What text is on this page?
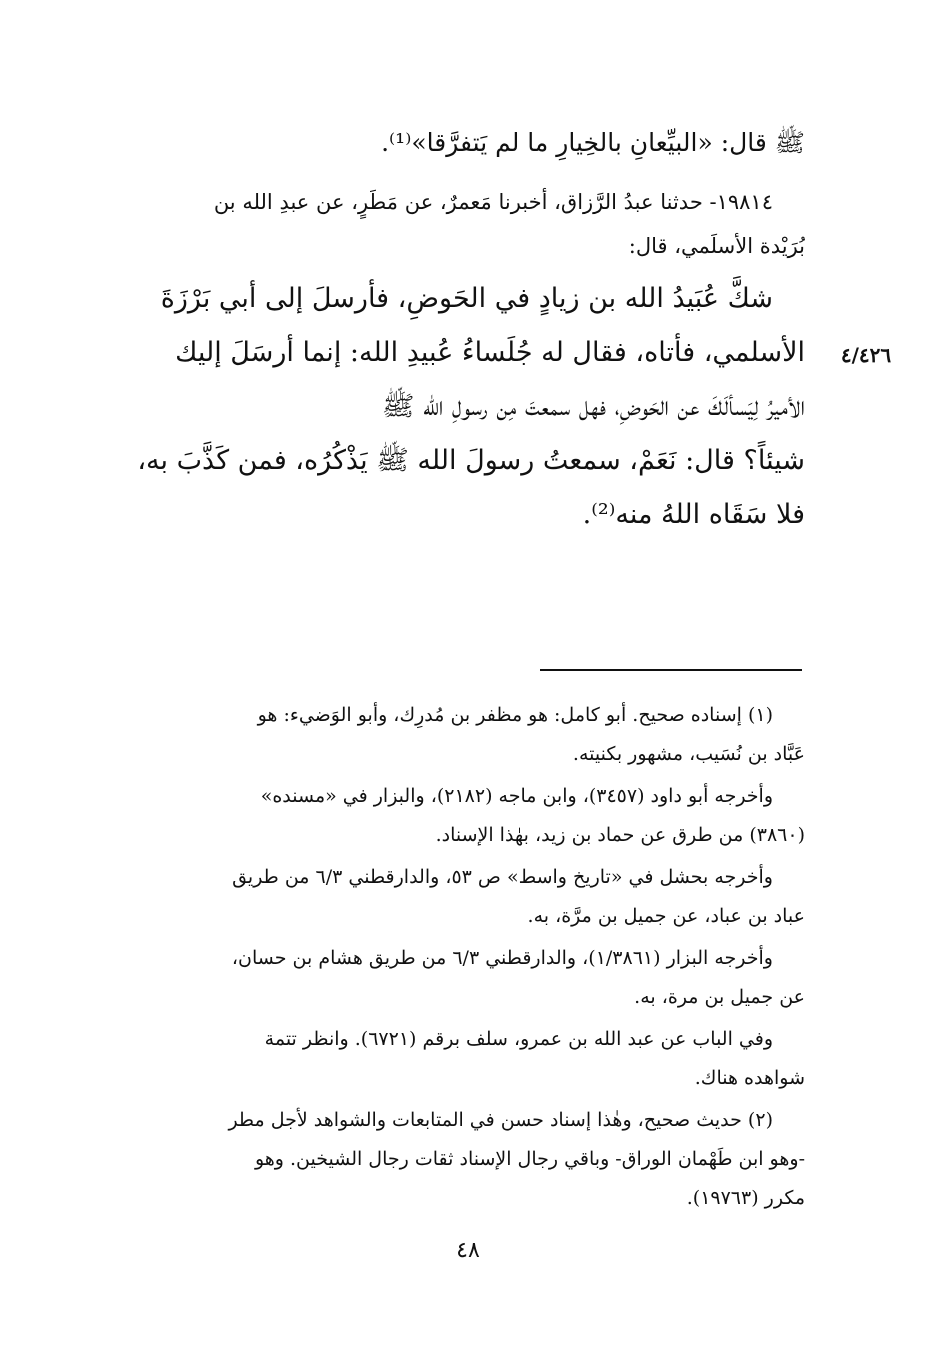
ﷺ قال: «البيِّعانِ بالخِيارِ ما لم يَتفرَّقا»⁽¹⁾.
١٩٨١٤- حدثنا عبدُ الرَّزاق، أخبرنا مَعمرٌ، عن مَطَرٍ، عن عبدِ الله بن
بُرَيْدة الأسلَمي، قال:
شكَّ عُبَيدُ الله بن زيادٍ في الحَوضِ، فأرسلَ إلى أبي بَرْزَةَ
الأسلمي، فأتاه، فقال له جُلَساءُ عُبيدِ الله: إنما أرسَلَ إليك
الأميرُ لِيَسألَكَ عن الحَوضِ، فهل سمعتَ مِن رسولِ الله ﷺ
شيئاً؟ قال: نَعَمْ، سمعتُ رسولَ الله ﷺ يَذْكُرُه، فمن كَذَّبَ به،
فلا سَقَاه اللهُ منه⁽²⁾.
٤/٤٢٦
(١) إسناده صحيح. أبو كامل: هو مظفر بن مُدرِك، وأبو الوَضيء: هو
عَبَّاد بن نُسَيب، مشهور بكنيته.
وأخرجه أبو داود (٣٤٥٧)، وابن ماجه (٢١٨٢)، والبزار في «مسنده»
(٣٨٦٠) من طرق عن حماد بن زيد، بهٰذا الإسناد.
وأخرجه بحشل في «تاريخ واسط» ص ٥٣، والدارقطني ٦/٣ من طريق
عباد بن عباد، عن جميل بن مرَّة، به.
وأخرجه البزار (١/٣٨٦١)، والدارقطني ٦/٣ من طريق هشام بن حسان،
عن جميل بن مرة، به.
وفي الباب عن عبد الله بن عمرو، سلف برقم (٦٧٢١). وانظر تتمة
شواهده هناك.
(٢) حديث صحيح، وهٰذا إسناد حسن في المتابعات والشواهد لأجل مطر
-وهو ابن طَهْمان الوراق- وباقي رجال الإسناد ثقات رجال الشيخين. وهو
مكرر (١٩٧٦٣).
٤٨
